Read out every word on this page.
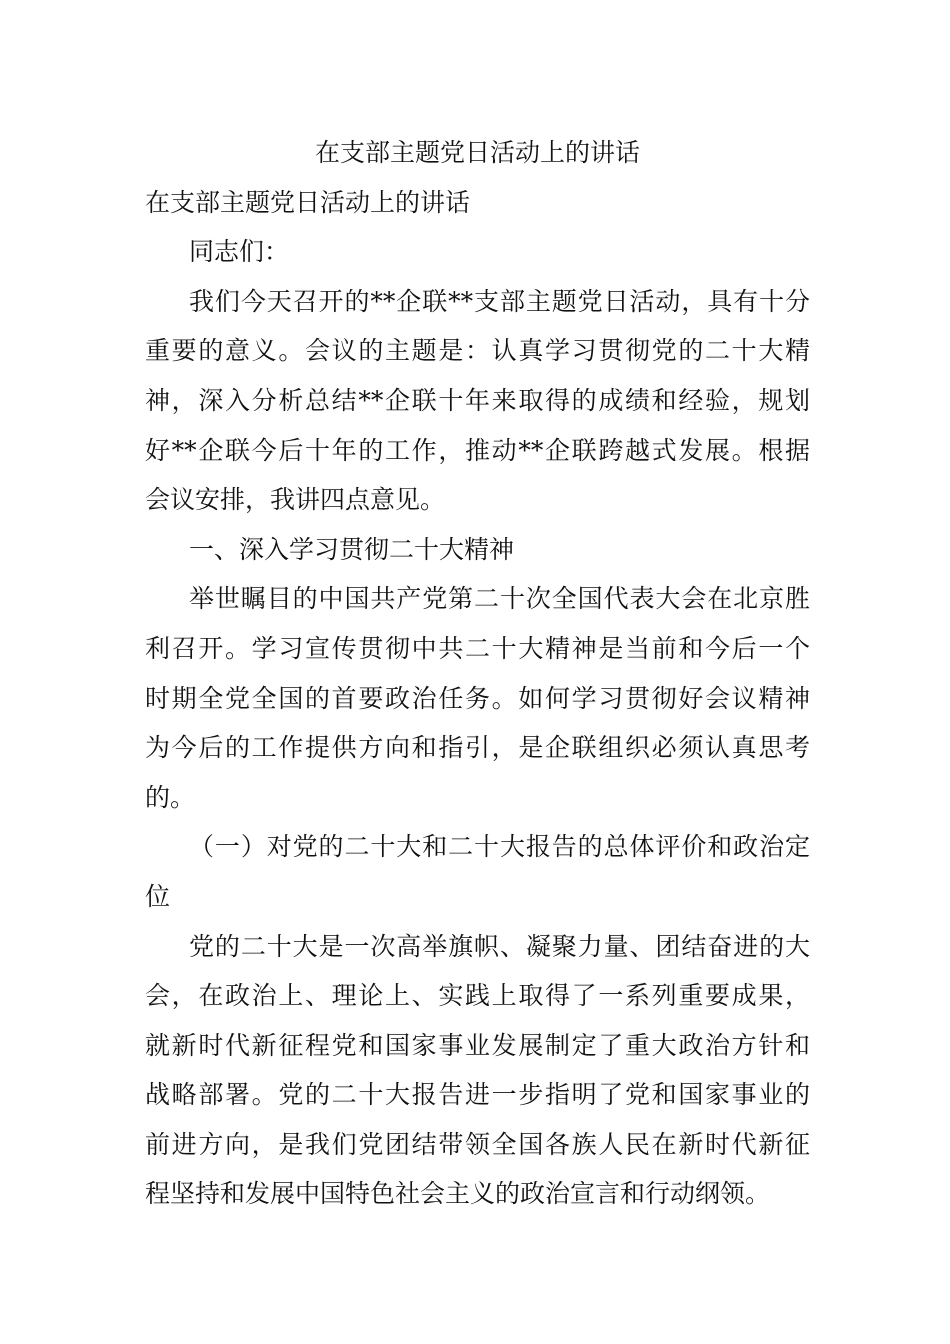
在支部主题党日活动上的讲话
在支部主题党日活动上的讲话
同志们：
我们今天召开的**企联**支部主题党日活动，具有十分
重要的意义。会议的主题是：认真学习贯彻党的二十大精
神，深入分析总结**企联十年来取得的成绩和经验，规划
好**企联今后十年的工作，推动**企联跨越式发展。根据
会议安排，我讲四点意见。
一、深入学习贯彻二十大精神
举世瞩目的中国共产党第二十次全国代表大会在北京胜
利召开。学习宣传贯彻中共二十大精神是当前和今后一个
时期全党全国的首要政治任务。如何学习贯彻好会议精神
为今后的工作提供方向和指引，是企联组织必须认真思考
的。
（一）对党的二十大和二十大报告的总体评价和政治定
位
党的二十大是一次高举旗帜、凝聚力量、团结奋进的大
会，在政治上、理论上、实践上取得了一系列重要成果，
就新时代新征程党和国家事业发展制定了重大政治方针和
战略部署。党的二十大报告进一步指明了党和国家事业的
前进方向，是我们党团结带领全国各族人民在新时代新征
程坚持和发展中国特色社会主义的政治宣言和行动纲领。
